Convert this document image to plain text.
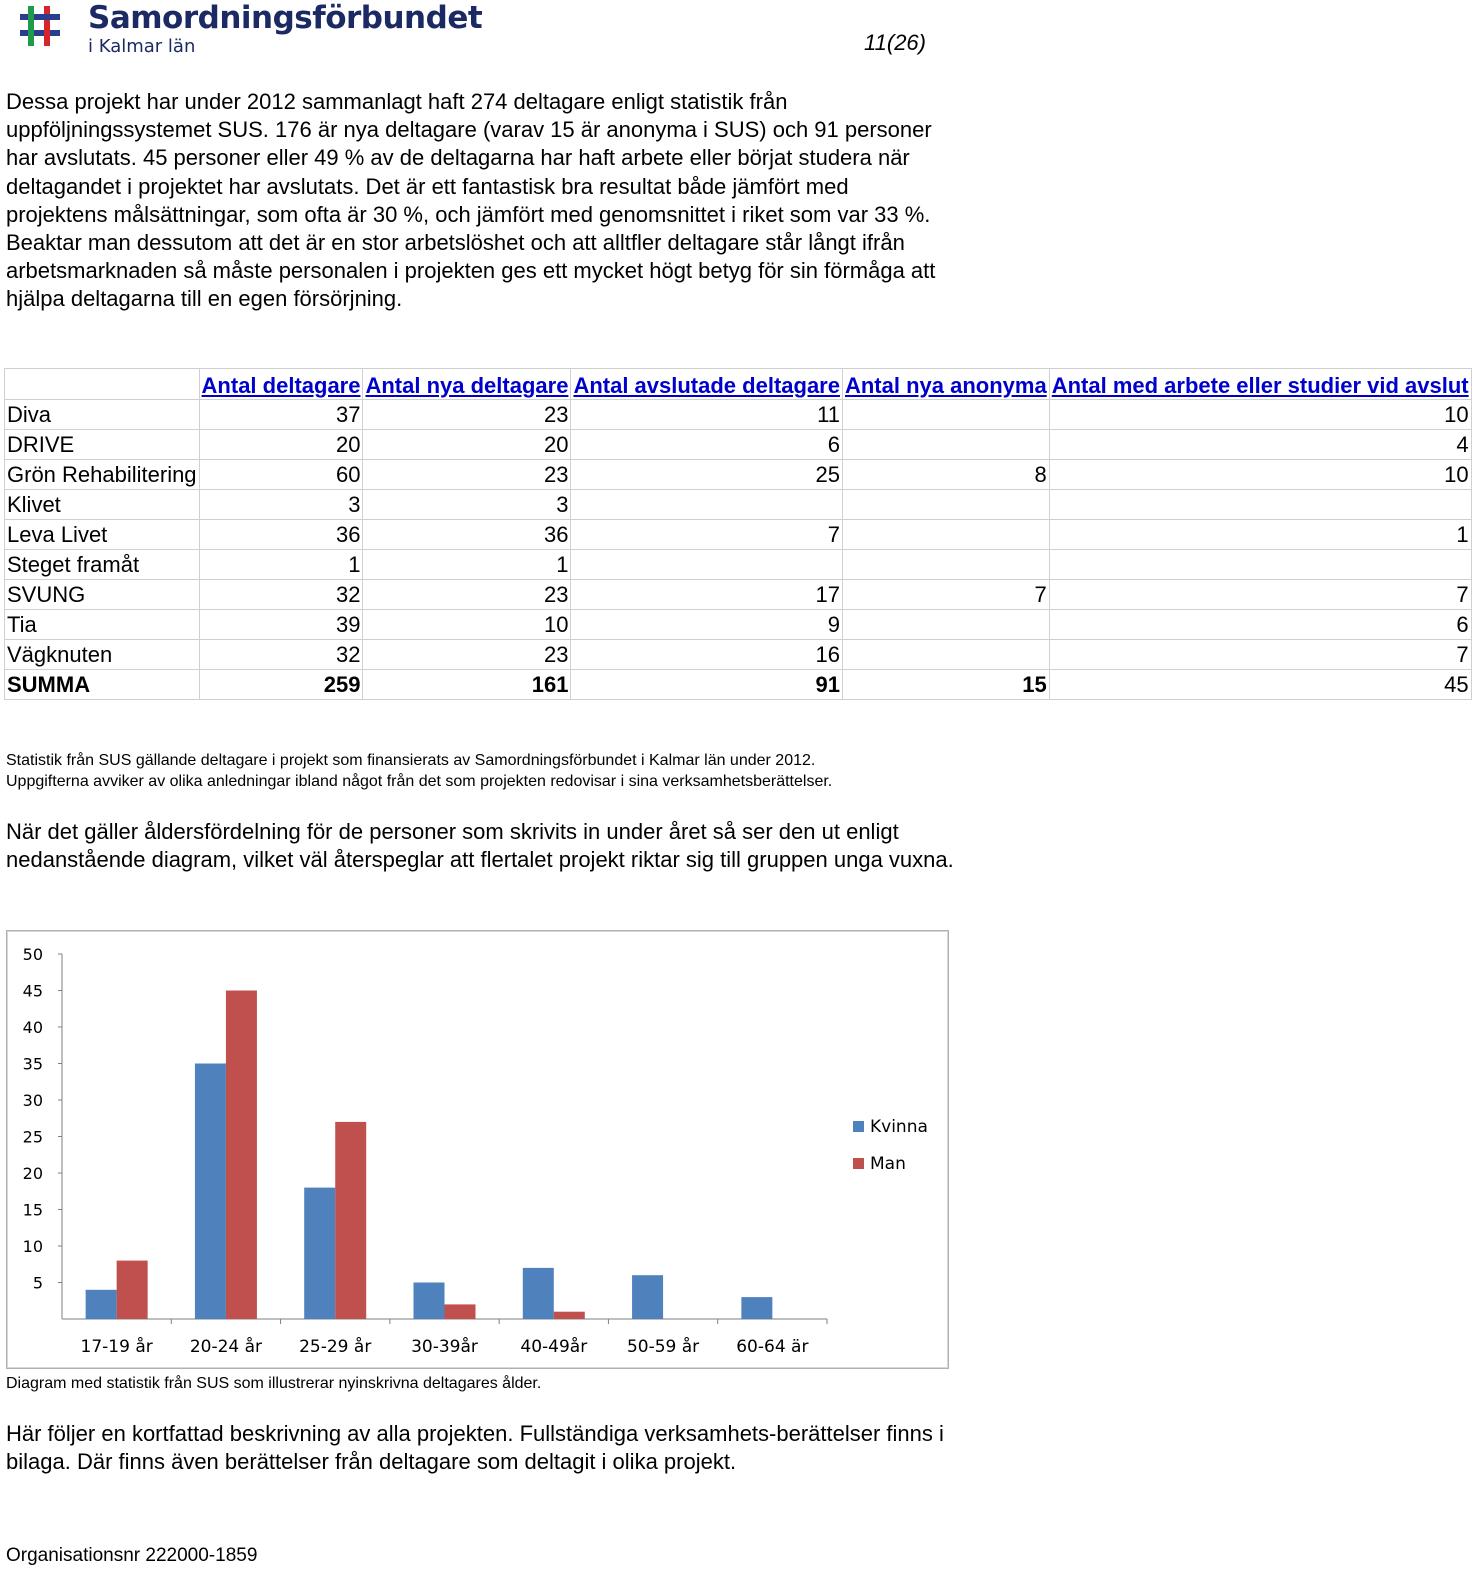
Samordningsförbundet
i Kalmar län	11(26)

Dessa projekt har under 2012 sammanlagt haft 274 deltagare enligt statistik från uppföljningssystemet SUS. 176 är nya deltagare (varav 15 är anonyma i SUS) och 91 personer har avslutats. 45 personer eller 49 % av de deltagarna har haft arbete eller börjat studera när deltagandet i projektet har avslutats. Det är ett fantastisk bra resultat både jämfört med projektens målsättningar, som ofta är 30 %, och jämfört med genomsnittet i riket som var 33 %. Beaktar man dessutom att det är en stor arbetslöshet och att alltfler deltagare står långt ifrån arbetsmarknaden så måste personalen i projekten ges ett mycket högt betyg för sin förmåga att hjälpa deltagarna till en egen försörjning.

	Antal deltagare	Antal nya deltagare	Antal avslutade deltagare	Antal nya anonyma	Antal med arbete eller studier vid avslut
Diva	37	23	11		10
DRIVE	20	20	6		4
Grön Rehabilitering	60	23	25	8	10
Klivet	3	3			
Leva Livet	36	36	7		1
Steget framåt	1	1			
SVUNG	32	23	17	7	7
Tia	39	10	9		6
Vägknuten	32	23	16		7
SUMMA	259	161	91	15	45
Statistik från SUS gällande deltagare i projekt som finansierats av Samordningsförbundet i Kalmar län under 2012.
Uppgifterna avviker av olika anledningar ibland något från det som projekten redovisar i sina verksamhetsberättelser.

När det gäller åldersfördelning för de personer som skrivits in under året så ser den ut enligt nedanstående diagram, vilket väl återspeglar att flertalet projekt riktar sig till gruppen unga vuxna.

5
10
15
20
25
30
35
40
45
50
17-19 år 20-24 år 25-29 år 30-39år 40-49år 50-59 år 60-64 är
Kvinna
Man
Diagram med statistik från SUS som illustrerar nyinskrivna deltagares ålder.

Här följer en kortfattad beskrivning av alla projekten. Fullständiga verksamhets-berättelser finns i bilaga. Där finns även berättelser från deltagare som deltagit i olika projekt.

Organisationsnr 222000-1859
